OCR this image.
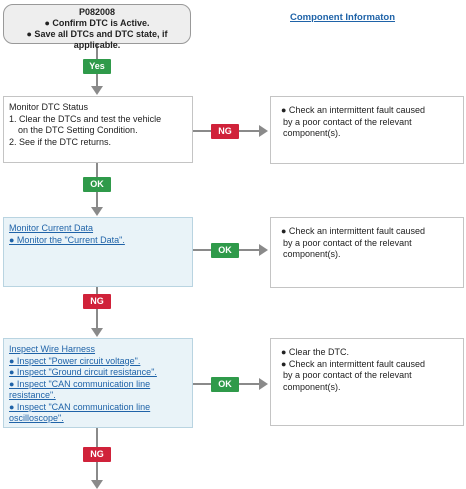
P082008
● Confirm DTC is Active.
● Save all DTCs and DTC state, if applicable.
Component Informaton
Yes
OK
NG
NG
NG
OK
OK
Monitor DTC Status
1. Clear the DTCs and test the vehicle
on the DTC Setting Condition.
2. See if the DTC returns.
Monitor Current Data
● Monitor the "Current Data".
Inspect Wire Harness
● Inspect "Power circuit voltage".
● Inspect "Ground circuit resistance".
● Inspect "CAN communication line
resistance".
● Inspect "CAN communication line
oscilloscope".
● Check an intermittent fault caused
by a poor contact of the relevant
component(s).
● Check an intermittent fault caused
by a poor contact of the relevant
component(s).
● Clear the DTC.
● Check an intermittent fault caused
by a poor contact of the relevant
component(s).
